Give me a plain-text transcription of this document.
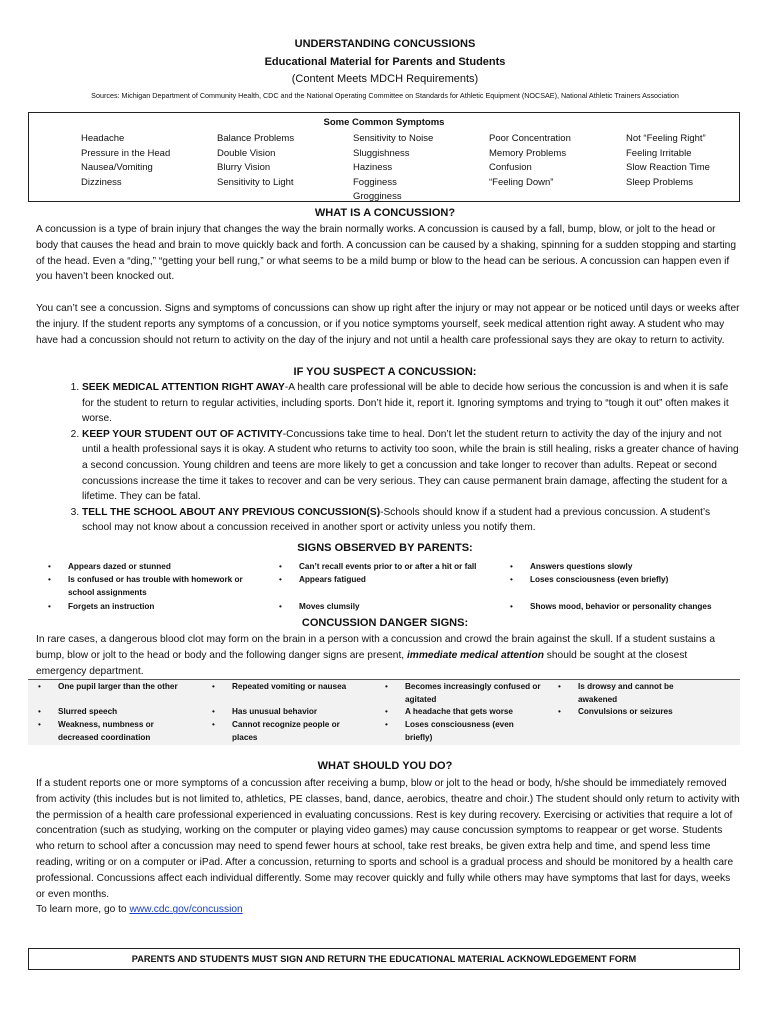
UNDERSTANDING CONCUSSIONS
Educational Material for Parents and Students
(Content Meets MDCH Requirements)
Sources: Michigan Department of Community Health, CDC and the National Operating Committee on Standards for Athletic Equipment (NOCSAE), National Athletic Trainers Association
Some Common Symptoms
Headache
Pressure in the Head
Nausea/Vomiting
Dizziness
Balance Problems
Double Vision
Blurry Vision
Sensitivity to Light
Sensitivity to Noise
Sluggishness
Haziness
Fogginess
Grogginess
Poor Concentration
Memory Problems
Confusion
“Feeling Down”
Not “Feeling Right”
Feeling Irritable
Slow Reaction Time
Sleep Problems
WHAT IS A CONCUSSION?

A concussion is a type of brain injury that changes the way the brain normally works. A concussion is caused by a fall, bump, blow, or jolt to the head or body that causes the head and brain to move quickly back and forth. A concussion can be caused by a shaking, spinning for a sudden stopping and starting of the head. Even a “ding,” “getting your bell rung,” or what seems to be a mild bump or blow to the head can be serious. A concussion can happen even if you haven’t been knocked out.

You can’t see a concussion. Signs and symptoms of concussions can show up right after the injury or may not appear or be noticed until days or weeks after the injury. If the student reports any symptoms of a concussion, or if you notice symptoms yourself, seek medical attention right away. A student who may have had a concussion should not return to activity on the day of the injury and not until a health care professional says they are okay to return to activity.

IF YOU SUSPECT A CONCUSSION:
1. SEEK MEDICAL ATTENTION RIGHT AWAY-A health care professional will be able to decide how serious the concussion is and when it is safe for the student to return to regular activities, including sports. Don’t hide it, report it. Ignoring symptoms and trying to “tough it out” often makes it worse.
2. KEEP YOUR STUDENT OUT OF ACTIVITY-Concussions take time to heal. Don’t let the student return to activity the day of the injury and not until a health professional says it is okay. A student who returns to activity too soon, while the brain is still healing, risks a greater chance of having a second concussion. Young children and teens are more likely to get a concussion and take longer to recover than adults. Repeat or second concussions increase the time it takes to recover and can be very serious. They can cause permanent brain damage, affecting the student for a lifetime. They can be fatal.
3. TELL THE SCHOOL ABOUT ANY PREVIOUS CONCUSSION(S)-Schools should know if a student had a previous concussion. A student’s school may not know about a concussion received in another sport or activity unless you notify them.
SIGNS OBSERVED BY PARENTS:
• Appears dazed or stunned
• Is confused or has trouble with homework or school assignments
• Forgets an instruction
• Can’t recall events prior to or after a hit or fall
• Appears fatigued
• Moves clumsily
• Answers questions slowly
• Loses consciousness (even briefly)
• Shows mood, behavior or personality changes
CONCUSSION DANGER SIGNS:

In rare cases, a dangerous blood clot may form on the brain in a person with a concussion and crowd the brain against the skull. If a student sustains a bump, blow or jolt to the head or body and the following danger signs are present, immediate medical attention should be sought at the closest emergency department.

• One pupil larger than the other
• Slurred speech
• Weakness, numbness or decreased coordination
• Repeated vomiting or nausea
• Has unusual behavior
• Cannot recognize people or places
• Becomes increasingly confused or agitated
• A headache that gets worse
• Loses consciousness (even briefly)
• Is drowsy and cannot be awakened
• Convulsions or seizures
WHAT SHOULD YOU DO?

If a student reports one or more symptoms of a concussion after receiving a bump, blow or jolt to the head or body, h/she should be immediately removed from activity (this includes but is not limited to, athletics, PE classes, band, dance, aerobics, theatre and choir.) The student should only return to activity with the permission of a health care professional experienced in evaluating concussions. Rest is key during recovery. Exercising or activities that require a lot of concentration (such as studying, working on the computer or playing video games) may cause concussion symptoms to reappear or get worse. Students who return to school after a concussion may need to spend fewer hours at school, take rest breaks, be given extra help and time, and spend less time reading, writing or on a computer or iPad. After a concussion, returning to sports and school is a gradual process and should be monitored by a health care professional. Concussions affect each individual differently. Some may recover quickly and fully while others may have symptoms that last for days, weeks or even months.

To learn more, go to www.cdc.gov/concussion

PARENTS AND STUDENTS MUST SIGN AND RETURN THE EDUCATIONAL MATERIAL ACKNOWLEDGEMENT FORM
